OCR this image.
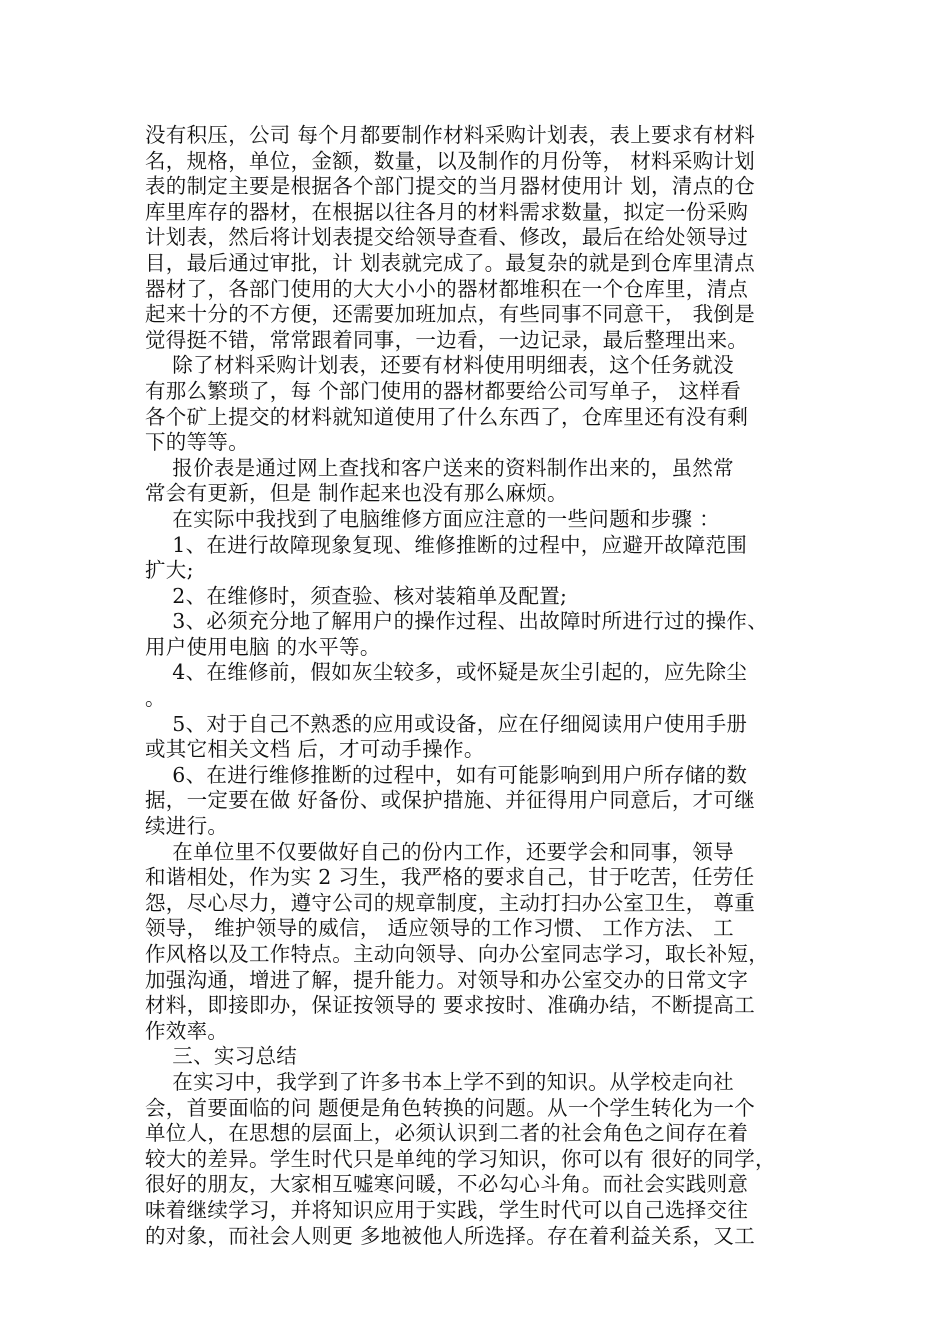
没有积压，公司 每个月都要制作材料采购计划表，表上要求有材料
名，规格，单位，金额，数量，以及制作的月份等， 材料采购计划
表的制定主要是根据各个部门提交的当月器材使用计 划，清点的仓
库里库存的器材，在根据以往各月的材料需求数量，拟定一份采购
计划表，然后将计划表提交给领导查看、修改，最后在给处领导过
目，最后通过审批，计 划表就完成了。最复杂的就是到仓库里清点
器材了，各部门使用的大大小小的器材都堆积在一个仓库里，清点
起来十分的不方便，还需要加班加点，有些同事不同意干， 我倒是
觉得挺不错，常常跟着同事，一边看，一边记录，最后整理出来。
除了材料采购计划表，还要有材料使用明细表，这个任务就没
有那么繁琐了，每 个部门使用的器材都要给公司写单子， 这样看
各个矿上提交的材料就知道使用了什么东西了，仓库里还有没有剩
下的等等。
报价表是通过网上查找和客户送来的资料制作出来的，虽然常
常会有更新，但是 制作起来也没有那么麻烦。
在实际中我找到了电脑维修方面应注意的一些问题和步骤 ：
1、在进行故障现象复现、维修推断的过程中，应避开故障范围
扩大;
2、在维修时，须查验、核对装箱单及配置;
3、必须充分地了解用户的操作过程、出故障时所进行过的操作、
用户使用电脑 的水平等。
4、在维修前，假如灰尘较多，或怀疑是灰尘引起的，应先除尘
。
5、对于自己不熟悉的应用或设备，应在仔细阅读用户使用手册
或其它相关文档 后，才可动手操作。
6、在进行维修推断的过程中，如有可能影响到用户所存储的数
据，一定要在做 好备份、或保护措施、并征得用户同意后，才可继
续进行。
在单位里不仅要做好自己的份内工作，还要学会和同事，领导
和谐相处，作为实 2 习生，我严格的要求自己，甘于吃苦，任劳任
怨，尽心尽力，遵守公司的规章制度，主动打扫办公室卫生， 尊重
领导， 维护领导的威信， 适应领导的工作习惯、 工作方法、 工
作风格以及工作特点。主动向领导、向办公室同志学习，取长补短，
加强沟通，增进了解，提升能力。对领导和办公室交办的日常文字
材料，即接即办，保证按领导的 要求按时、准确办结，不断提高工
作效率。
三、实习总结
在实习中，我学到了许多书本上学不到的知识。从学校走向社
会，首要面临的问 题便是角色转换的问题。从一个学生转化为一个
单位人，在思想的层面上，必须认识到二者的社会角色之间存在着
较大的差异。学生时代只是单纯的学习知识，你可以有 很好的同学，
很好的朋友，大家相互嘘寒问暖，不必勾心斗角。而社会实践则意
味着继续学习，并将知识应用于实践，学生时代可以自己选择交往
的对象，而社会人则更 多地被他人所选择。存在着利益关系，又工
